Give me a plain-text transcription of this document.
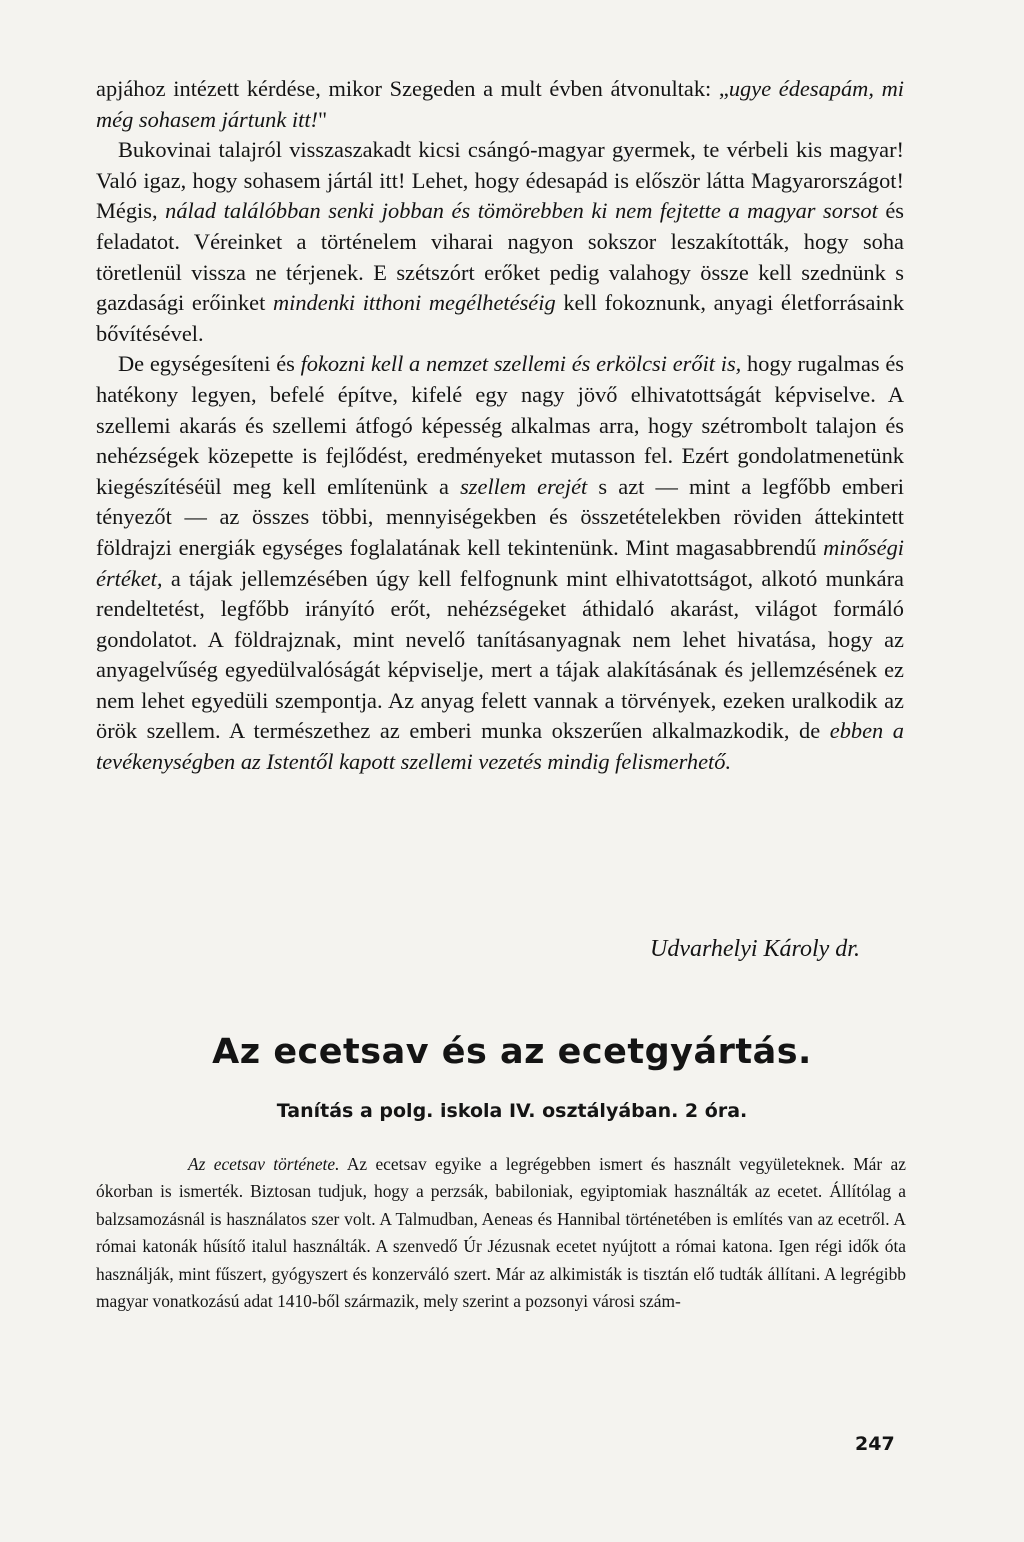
apjához intézett kérdése, mikor Szegeden a mult évben átvonultak: „ugye édesapám, mi még sohasem jártunk itt!"

Bukovinai talajról visszaszakadt kicsi csángó-magyar gyermek, te vérbeli kis magyar! Való igaz, hogy sohasem jártál itt! Lehet, hogy édesapád is először látta Magyarországot! Mégis, nálad találóbban senki jobban és tömörebben ki nem fejtette a magyar sorsot és feladatot. Véreinket a történelem viharai nagyon sokszor leszakították, hogy soha töretlenül vissza ne térjenek. E szétszórt erőket pedig valahogy össze kell szednünk s gazdasági erőinket mindenki itthoni megélhetéséig kell fokoznunk, anyagi életforrásaink bővítésével.

De egységesíteni és fokozni kell a nemzet szellemi és erkölcsi erőit is, hogy rugalmas és hatékony legyen, befelé építve, kifelé egy nagy jövő elhivatottságát képviselve. A szellemi akarás és szellemi átfogó képesség alkalmas arra, hogy szétrombolt talajon és nehézségek közepette is fejlődést, eredményeket mutasson fel. Ezért gondolatmenetünk kiegészítéséül meg kell említenünk a szellem erejét s azt — mint a legfőbb emberi tényezőt — az összes többi, mennyiségekben és összetételekben röviden áttekintett földrajzi energiák egységes foglalatának kell tekintenünk. Mint magasabbrendű minőségi értéket, a tájak jellemzésében úgy kell felfognunk mint elhivatottságot, alkotó munkára rendeltetést, legfőbb irányító erőt, nehézségeket áthidaló akarást, világot formáló gondolatot. A földrajznak, mint nevelő tanításanyagnak nem lehet hivatása, hogy az anyagelvűség egyedülvalóságát képviselje, mert a tájak alakításának és jellemzésének ez nem lehet egyedüli szempontja. Az anyag felett vannak a törvények, ezeken uralkodik az örök szellem. A természethez az emberi munka okszerűen alkalmazkodik, de ebben a tevékenységben az Istentől kapott szellemi vezetés mindig felismerhető.

Udvarhelyi Károly dr.
Az ecetsav és az ecetgyártás.
Tanítás a polg. iskola IV. osztályában. 2 óra.

Az ecetsav története. Az ecetsav egyike a legrégebben ismert és használt vegyületeknek. Már az ókorban is ismerték. Biztosan tudjuk, hogy a perzsák, babiloniak, egyiptomiak használták az ecetet. Állítólag a balzsamozásnál is használatos szer volt. A Talmudban, Aeneas és Hannibal történetében is említés van az ecetről. A római katonák hűsítő italul használták. A szenvedő Úr Jézusnak ecetet nyújtott a római katona. Igen régi idők óta használják, mint fűszert, gyógyszert és konzerváló szert. Már az alkimisták is tisztán elő tudták állítani. A legrégibb magyar vonatkozású adat 1410-ből származik, mely szerint a pozsonyi városi szám-

247
